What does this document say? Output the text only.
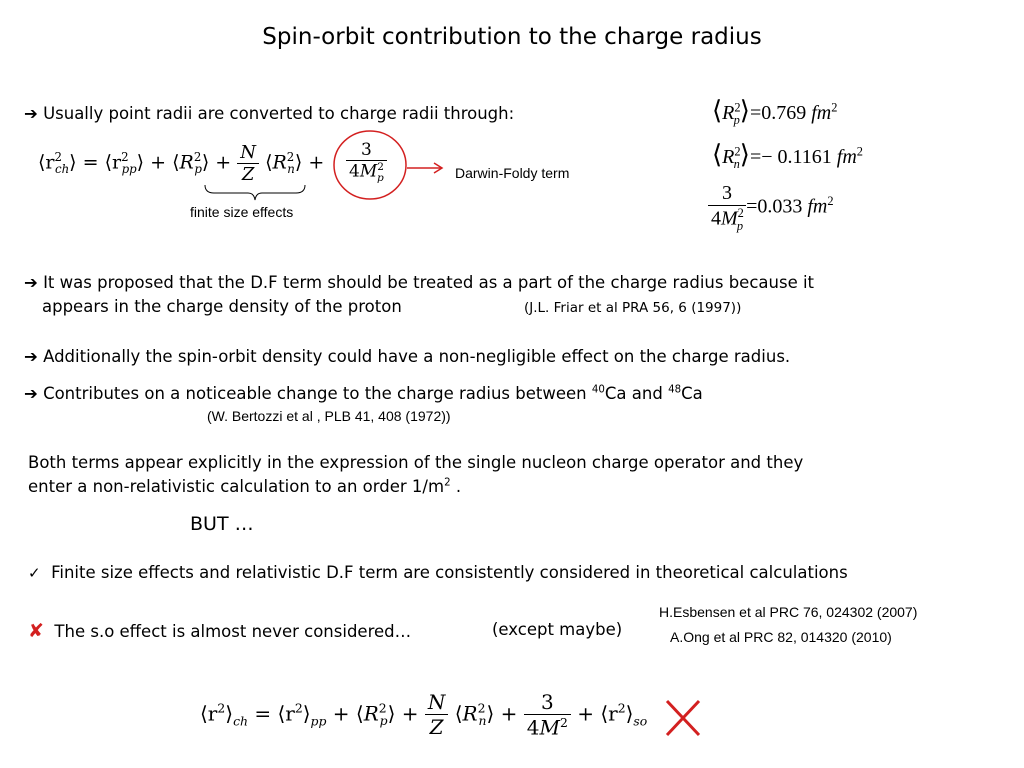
Spin-orbit contribution to the charge radius
➔ Usually point radii are converted to charge radii through:
$⟨r^2_{ch}⟩$ = $⟨r^2_{pp}⟩$ + $⟨R^2_p⟩ + \frac{N}{Z}$ $⟨R^2_n⟩ + \frac{3}{4M^2_p}$	Darwin-Foldy term
finite size effects
$⟨R^2_p⟩=0.769$ $fm^2$
$⟨R^2_n⟩=- 0.1161$ $fm^2$
$\frac{3}{4M^2_p} =0.033$ $fm^2$
➔ It was proposed that the D.F term should be treated as a part of the charge radius because it
appears in the charge density of the proton	(J.L. Friar et al PRA 56, 6 (1997))
➔ Additionally the spin-orbit density could have a non-negligible effect on the charge radius.
➔ Contributes on a noticeable change to the charge radius between $^{40}$Ca and $^{48}$Ca
(W. Bertozzi et al , PLB 41, 408 (1972))
Both terms appear explicitly in the expression of the single nucleon charge operator and they
enter a non-relativistic calculation to an order $1/m^2$ .
BUT …
✓ Finite size effects and relativistic D.F term are consistently considered in theoretical calculations
✘ The s.o effect is almost never considered…	(except maybe)
H.Esbensen et al PRC 76, 024302 (2007)
A.Ong et al PRC 82, 014320 (2010)
$⟨r^2⟩_{ch}$ = $⟨r^2⟩_{pp}$ + $⟨R^2_p⟩ + \frac{N}{Z}$ $⟨R^2_n⟩ + \frac{3}{4M^2}$ + $⟨r^2⟩_{so}$
